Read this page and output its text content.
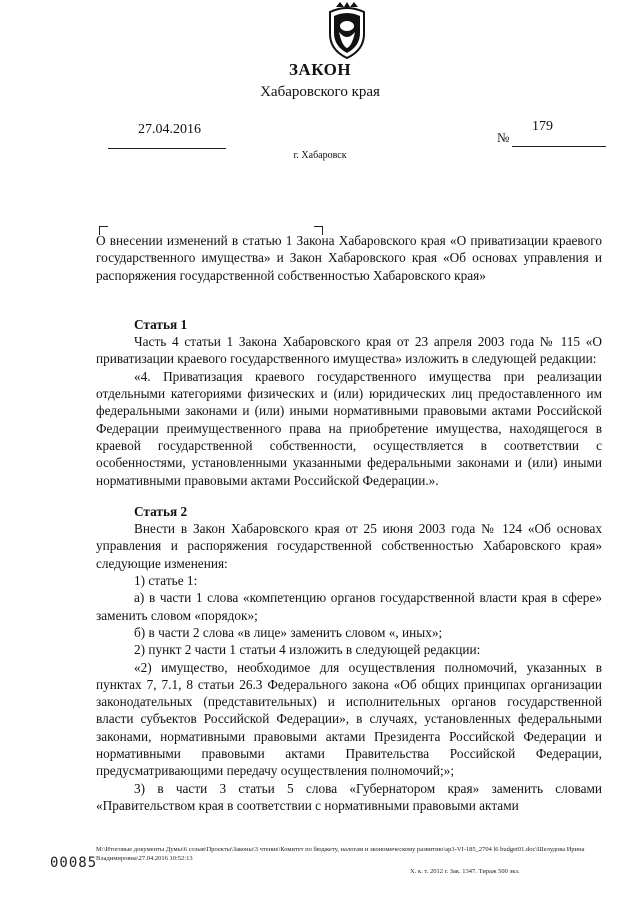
ЗАКОН
Хабаровского края
27.04.2016
№
179
г. Хабаровск

О внесении изменений в статью 1 Закона Хабаровского края «О приватизации краевого государственного имущества» и Закон Хабаровского края «Об основах управления и распоряжения государственной собственностью Хабаровского края»

Статья 1

Часть 4 статьи 1 Закона Хабаровского края от 23 апреля 2003 года № 115 «О приватизации краевого государственного имущества» изложить в следующей редакции:

«4. Приватизация краевого государственного имущества при реализации отдельными категориями физических и (или) юридических лиц предоставленного им федеральными законами и (или) иными нормативными правовыми актами Российской Федерации преимущественного права на приобретение имущества, находящегося в краевой государственной собственности, осуществляется в соответствии с особенностями, установленными указанными федеральными законами и (или) иными нормативными правовыми актами Российской Федерации.».

Статья 2

Внести в Закон Хабаровского края от 25 июня 2003 года № 124 «Об основах управления и распоряжения государственной собственностью Хабаровского края» следующие изменения:

1) статье 1:

а) в части 1 слова «компетенцию органов государственной власти края в сфере» заменить словом «порядок»;

б) в части 2 слова «в лице» заменить словом «, иных»;

2) пункт 2 части 1 статьи 4 изложить в следующей редакции:

«2) имущество, необходимое для осуществления полномочий, указанных в пунктах 7, 7.1, 8 статьи 26.3 Федерального закона «Об общих принципах организации законодательных (представительных) и исполнительных органов государственной власти субъектов Российской Федерации», в случаях, установленных федеральными законами, нормативными правовыми актами Президента Российской Федерации и нормативными правовыми актами Правительства Российской Федерации, предусматривающими передачу осуществления полномочий;»;

3) в части 3 статьи 5 слова «Губернатором края» заменить словами «Правительством края в соответствии с нормативными правовыми актами

M:\Итоговые документы Думы\6 созыв\Проекты\Законы\3 чтение\Комитет по бюджету, налогам и экономическому развитию\ар3-VI-185_2704 l6 budget01.doc\Шелудова Ирина Владимировна\27.04.2016 10:52:13
Х. к. т. 2012 г. Зак. 1347. Тираж 500 экз.
00085
